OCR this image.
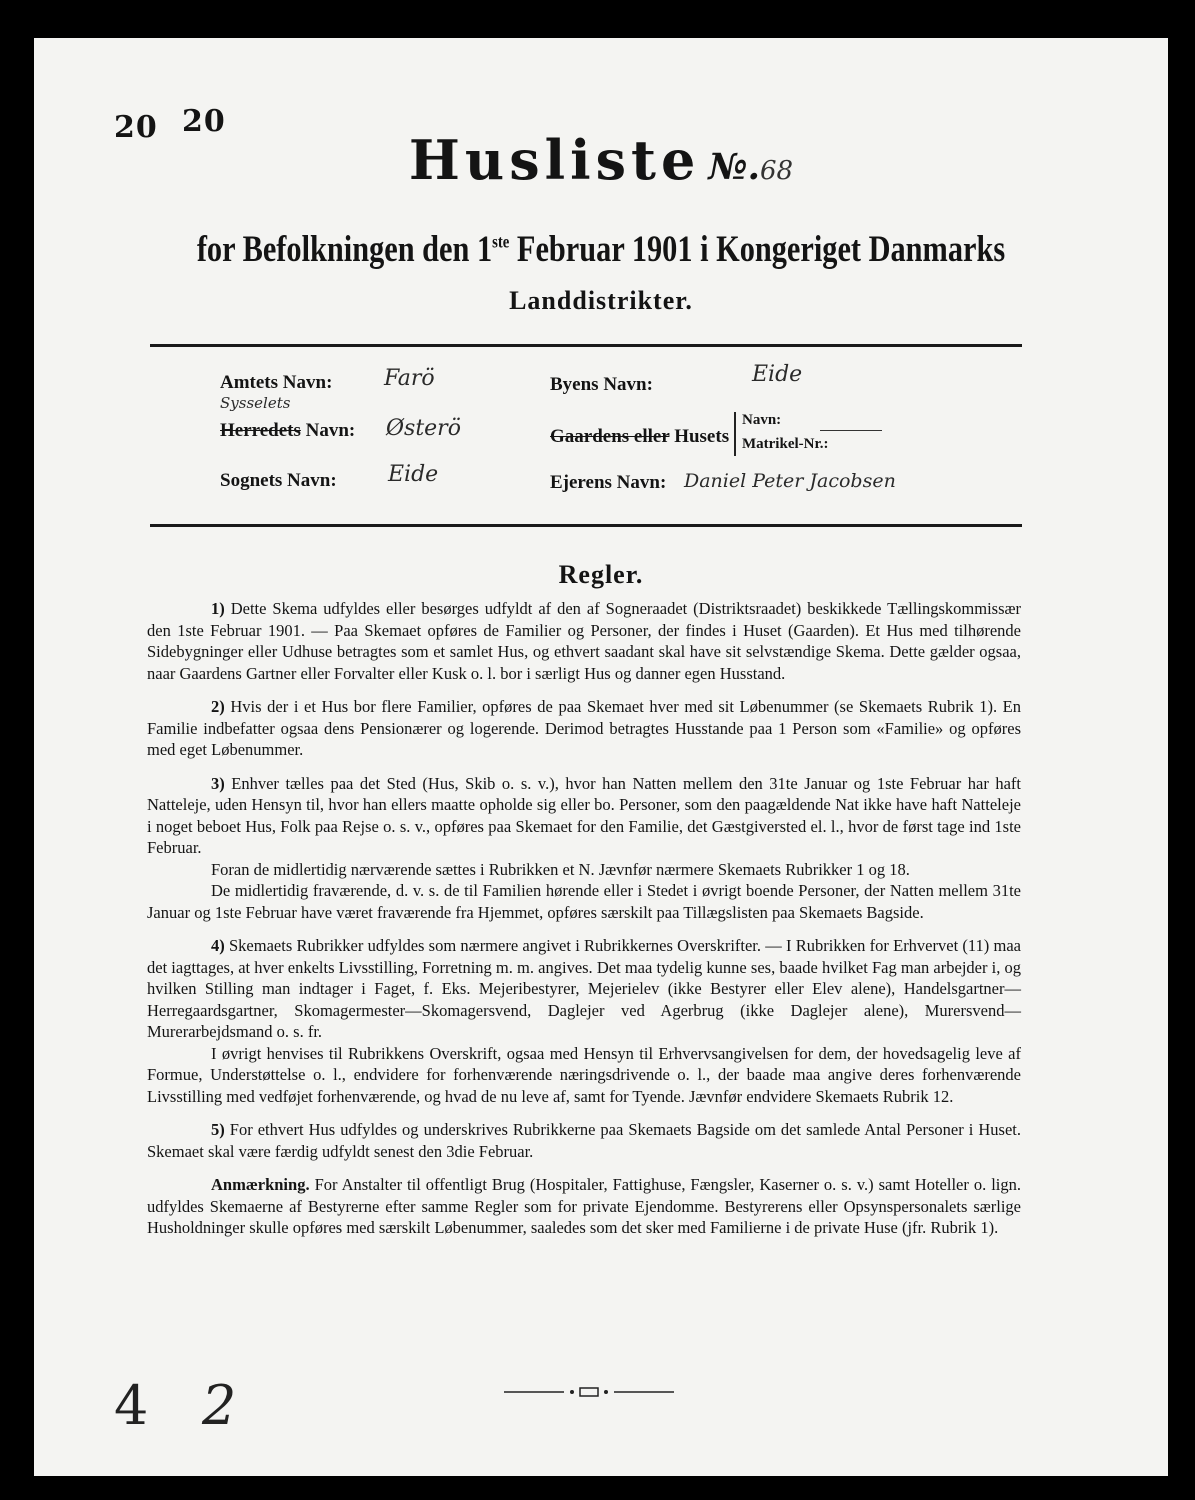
20 20
Husliste №.68
for Befolkningen den 1ste Februar 1901 i Kongeriget Danmarks
Landdistrikter.
Amtets Navn: Farö	Byens Navn:	Eide
Sysselets
Herredets Navn: Østerö	Gaardens eller Husets
Navn:
Matrikel-Nr.:
Sognets Navn: Eide	Ejerens Navn: Daniel Peter Jacobsen
Regler.

1) Dette Skema udfyldes eller besørges udfyldt af den af Sogneraadet (Distriktsraadet) beskikkede Tællingskommissær den 1ste Februar 1901. — Paa Skemaet opføres de Familier og Personer, der findes i Huset (Gaarden). Et Hus med tilhørende Sidebygninger eller Udhuse betragtes som et samlet Hus, og ethvert saadant skal have sit selvstændige Skema. Dette gælder ogsaa, naar Gaardens Gartner eller Forvalter eller Kusk o. l. bor i særligt Hus og danner egen Husstand.

2) Hvis der i et Hus bor flere Familier, opføres de paa Skemaet hver med sit Løbenummer (se Skemaets Rubrik 1). En Familie indbefatter ogsaa dens Pensionærer og logerende. Derimod betragtes Husstande paa 1 Person som «Familie» og opføres med eget Løbenummer.

3) Enhver tælles paa det Sted (Hus, Skib o. s. v.), hvor han Natten mellem den 31te Januar og 1ste Februar har haft Natteleje, uden Hensyn til, hvor han ellers maatte opholde sig eller bo. Personer, som den paagældende Nat ikke have haft Natteleje i noget beboet Hus, Folk paa Rejse o. s. v., opføres paa Skemaet for den Familie, det Gæstgiversted el. l., hvor de først tage ind 1ste Februar.

Foran de midlertidig nærværende sættes i Rubrikken et N. Jævnfør nærmere Skemaets Rubrikker 1 og 18.

De midlertidig fraværende, d. v. s. de til Familien hørende eller i Stedet i øvrigt boende Personer, der Natten mellem 31te Januar og 1ste Februar have været fraværende fra Hjemmet, opføres særskilt paa Tillægslisten paa Skemaets Bagside.

4) Skemaets Rubrikker udfyldes som nærmere angivet i Rubrikkernes Overskrifter. — I Rubrikken for Erhvervet (11) maa det iagttages, at hver enkelts Livsstilling, Forretning m. m. angives. Det maa tydelig kunne ses, baade hvilket Fag man arbejder i, og hvilken Stilling man indtager i Faget, f. Eks. Mejeribestyrer, Mejerielev (ikke Bestyrer eller Elev alene), Handelsgartner—Herregaardsgartner, Skomagermester—Skomagersvend, Daglejer ved Agerbrug (ikke Daglejer alene), Murersvend—Murerarbejdsmand o. s. fr.

I øvrigt henvises til Rubrikkens Overskrift, ogsaa med Hensyn til Erhvervsangivelsen for dem, der hovedsagelig leve af Formue, Understøttelse o. l., endvidere for forhenværende næringsdrivende o. l., der baade maa angive deres forhenværende Livsstilling med vedføjet forhenværende, og hvad de nu leve af, samt for Tyende. Jævnfør endvidere Skemaets Rubrik 12.

5) For ethvert Hus udfyldes og underskrives Rubrikkerne paa Skemaets Bagside om det samlede Antal Personer i Huset. Skemaet skal være færdig udfyldt senest den 3die Februar.

Anmærkning. For Anstalter til offentligt Brug (Hospitaler, Fattighuse, Fængsler, Kaserner o. s. v.) samt Hoteller o. lign. udfyldes Skemaerne af Bestyrerne efter samme Regler som for private Ejendomme. Bestyrerens eller Opsynspersonalets særlige Husholdninger skulle opføres med særskilt Løbenummer, saaledes som det sker med Familierne i de private Huse (jfr. Rubrik 1).

4 2
